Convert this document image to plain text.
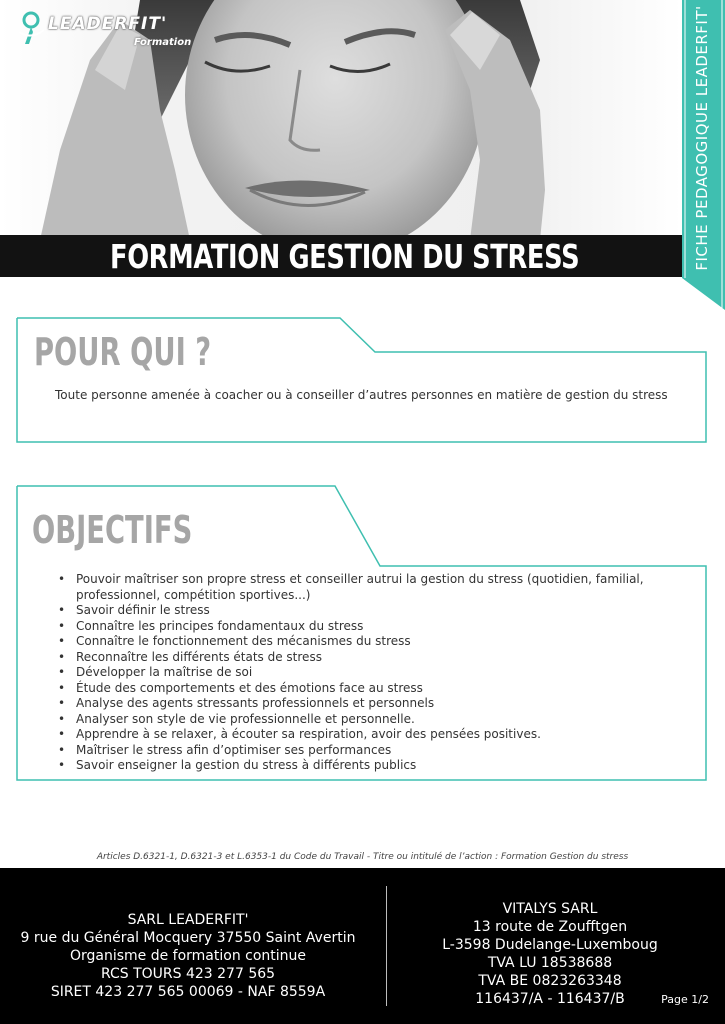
LEADERFIT'
Formation
FORMATION GESTION DU STRESS	FICHE PEDAGOGIQUE LEADERFIT'
POUR QUI ?
Toute personne amenée à coacher ou à conseiller d’autres personnes en matière de gestion du stress
OBJECTIFS
• Pouvoir maîtriser son propre stress et conseiller autrui la gestion du stress (quotidien, familial, professionnel, compétition sportives...)
• Savoir définir le stress
• Connaître les principes fondamentaux du stress
• Connaître le fonctionnement des mécanismes du stress
• Reconnaître les différents états de stress
• Développer la maîtrise de soi
• Étude des comportements et des émotions face au stress
• Analyse des agents stressants professionnels et personnels
• Analyser son style de vie professionnelle et personnelle.
• Apprendre à se relaxer, à écouter sa respiration, avoir des pensées positives.
• Maîtriser le stress afin d’optimiser ses performances
• Savoir enseigner la gestion du stress à différents publics
Articles D.6321-1, D.6321-3 et L.6353-1 du Code du Travail - Titre ou intitulé de l’action : Formation Gestion du stress
SARL LEADERFIT'
9 rue du Général Mocquery 37550 Saint Avertin
Organisme de formation continue
RCS TOURS 423 277 565
SIRET 423 277 565 00069 - NAF 8559A
VITALYS SARL
13 route de Zoufftgen
L-3598 Dudelange-Luxemboug
TVA LU 18538688
TVA BE 0823263348
116437/A - 116437/B	Page 1/2
